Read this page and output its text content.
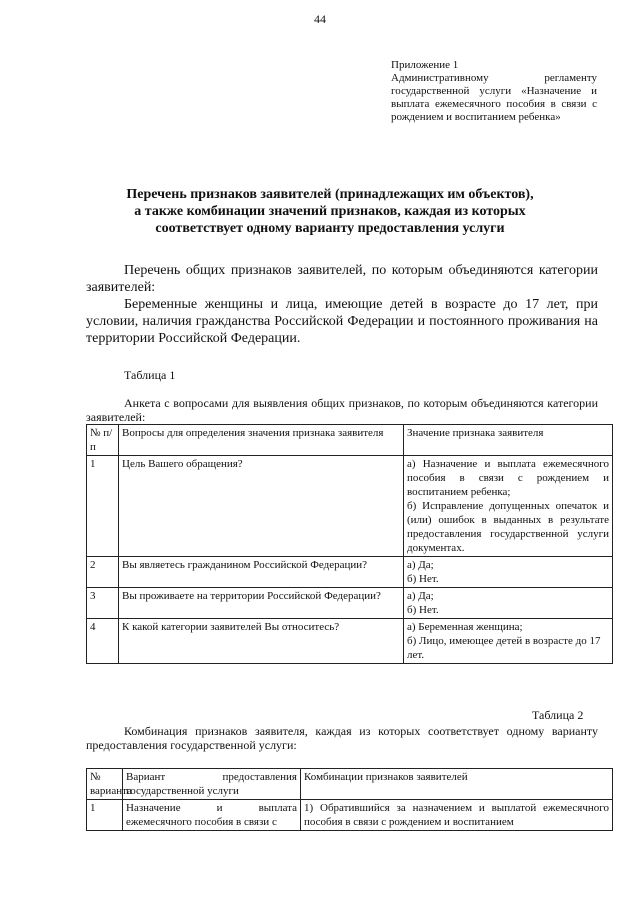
44
Приложение 1
Административному регламенту государственной услуги «Назначение и выплата ежемесячного пособия в связи с рождением и воспитанием ребенка»
Перечень признаков заявителей (принадлежащих им объектов),
а также комбинации значений признаков, каждая из которых
соответствует одному варианту предоставления услуги
Перечень общих признаков заявителей, по которым объединяются категории заявителей:
Беременные женщины и лица, имеющие детей в возрасте до 17 лет, при условии, наличия гражданства Российской Федерации и постоянного проживания на территории Российской Федерации.
Таблица 1
Анкета с вопросами для выявления общих признаков, по которым объединяются категории заявителей:
№ п/п	Вопросы для определения значения признака заявителя	Значение признака заявителя
1	Цель Вашего обращения?	а) Назначение и выплата ежемесячного пособия в связи с рождением и воспитанием ребенка;
б) Исправление допущенных опечаток и (или) ошибок в выданных в результате предоставления государственной услуги документах.

2	Вы являетесь гражданином Российской Федерации?	а) Да;
б) Нет.

3	Вы проживаете на территории Российской Федерации?	а) Да;
б) Нет.

4	К какой категории заявителей Вы относитесь?	а) Беременная женщина;
б) Лицо, имеющее детей в возрасте до 17 лет.
Таблица 2
Комбинация признаков заявителя, каждая из которых соответствует одному варианту предоставления государственной услуги:
№ варианта	Вариант предоставления государственной услуги	Комбинации признаков заявителей
1	Назначение и выплата ежемесячного пособия в связи с	1) Обратившийся за назначением и выплатой ежемесячного пособия в связи с рождением и воспитанием
